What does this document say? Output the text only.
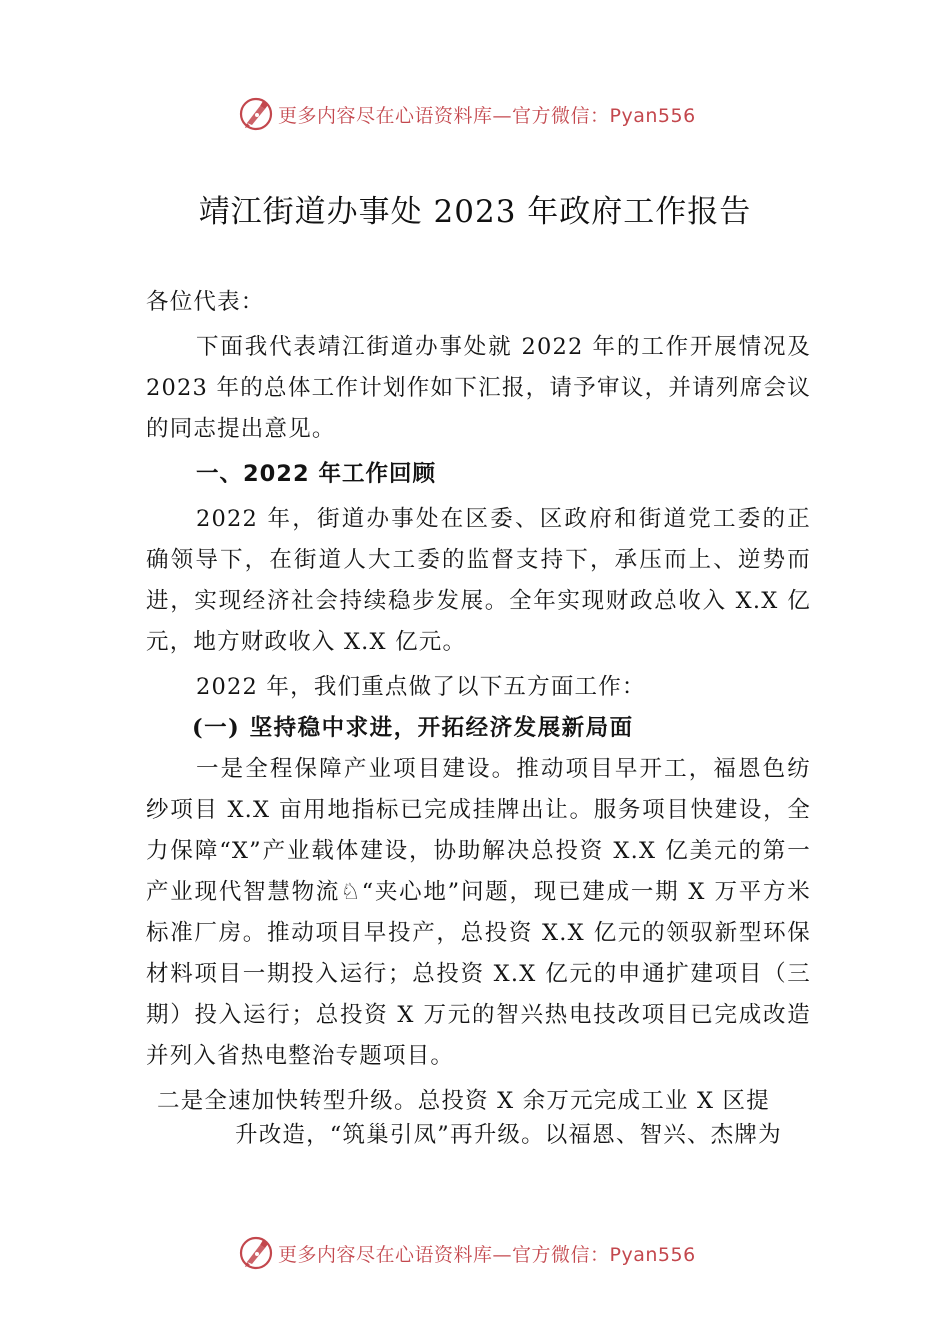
更多内容尽在心语资料库—官方微信：Pyan556
靖江街道办事处 2023 年政府工作报告

各位代表：

下面我代表靖江街道办事处就 2022 年的工作开展情况及 2023 年的总体工作计划作如下汇报，请予审议，并请列席会议的同志提出意见。

一、2022 年工作回顾

2022 年，街道办事处在区委、区政府和街道党工委的正确领导下，在街道人大工委的监督支持下，承压而上、逆势而进，实现经济社会持续稳步发展。全年实现财政总收入 X.X 亿元，地方财政收入 X.X 亿元。

2022 年，我们重点做了以下五方面工作：

(一) 坚持稳中求进，开拓经济发展新局面

一是全程保障产业项目建设。推动项目早开工，福恩色纺纱项目 X.X 亩用地指标已完成挂牌出让。服务项目快建设，全力保障“X”产业载体建设，协助解决总投资 X.X 亿美元的第一产业现代智慧物流♘“夹心地”问题，现已建成一期 X 万平方米标准厂房。推动项目早投产，总投资 X.X 亿元的领驭新型环保材料项目一期投入运行；总投资 X.X 亿元的申通扩建项目（三期）投入运行；总投资 X 万元的智兴热电技改项目已完成改造并列入省热电整治专题项目。

二是全速加快转型升级。总投资 X 余万元完成工业 X 区提
升改造，“筑巢引凤”再升级。以福恩、智兴、杰牌为
更多内容尽在心语资料库—官方微信：Pyan556
